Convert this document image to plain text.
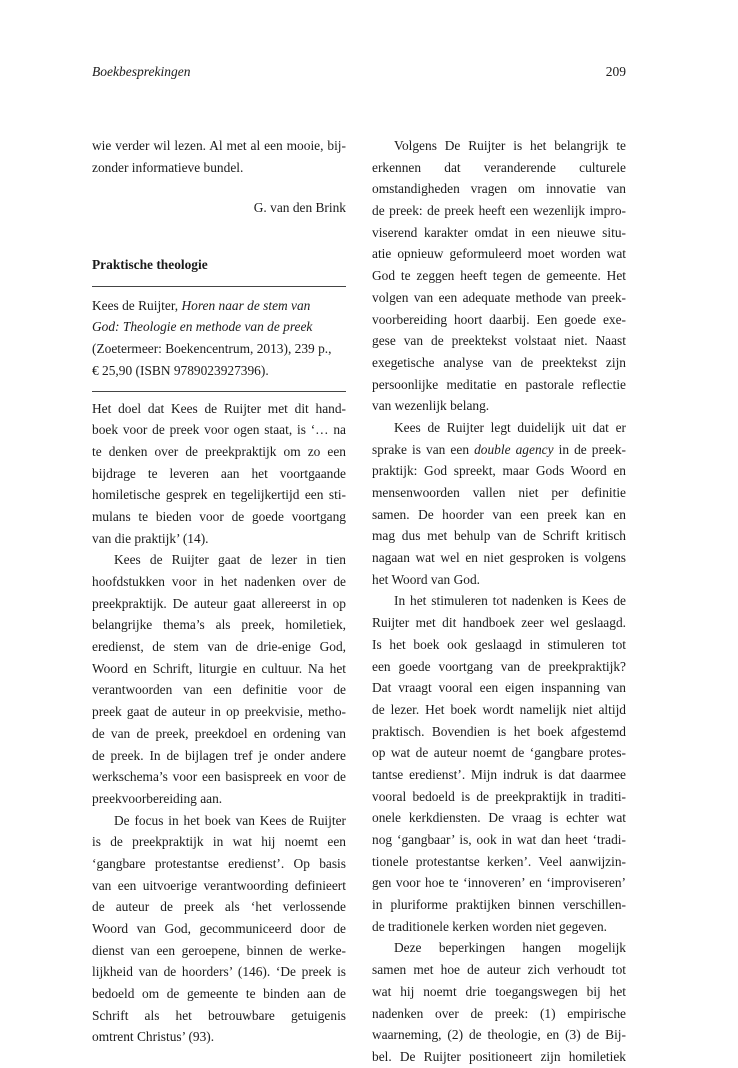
Boekbesprekingen	209
wie verder wil lezen. Al met al een mooie, bij-
zonder informatieve bundel.
G. van den Brink
Praktische theologie
Kees de Ruijter, Horen naar de stem van
God: Theologie en methode van de preek
(Zoetermeer: Boekencentrum, 2013), 239 p.,
€ 25,90 (ISBN 9789023927396).
Het doel dat Kees de Ruijter met dit hand-
boek voor de preek voor ogen staat, is ‘… na
te denken over de preekpraktijk om zo een
bijdrage te leveren aan het voortgaande
homiletische gesprek en tegelijkertijd een sti-
mulans te bieden voor de goede voortgang
van die praktijk’ (14).
Kees de Ruijter gaat de lezer in tien
hoofdstukken voor in het nadenken over de
preekpraktijk. De auteur gaat allereerst in op
belangrijke thema’s als preek, homiletiek,
eredienst, de stem van de drie-enige God,
Woord en Schrift, liturgie en cultuur. Na het
verantwoorden van een definitie voor de
preek gaat de auteur in op preekvisie, metho-
de van de preek, preekdoel en ordening van
de preek. In de bijlagen tref je onder andere
werkschema’s voor een basispreek en voor de
preekvoorbereiding aan.
De focus in het boek van Kees de Ruijter
is de preekpraktijk in wat hij noemt een
‘gangbare protestantse eredienst’. Op basis
van een uitvoerige verantwoording definieert
de auteur de preek als ‘het verlossende
Woord van God, gecommuniceerd door de
dienst van een geroepene, binnen de werke-
lijkheid van de hoorders’ (146). ‘De preek is
bedoeld om de gemeente te binden aan de
Schrift als het betrouwbare getuigenis
omtrent Christus’ (93).
Volgens De Ruijter is het belangrijk te
erkennen dat veranderende culturele
omstandigheden vragen om innovatie van
de preek: de preek heeft een wezenlijk impro-
viserend karakter omdat in een nieuwe situ-
atie opnieuw geformuleerd moet worden wat
God te zeggen heeft tegen de gemeente. Het
volgen van een adequate methode van preek-
voorbereiding hoort daarbij. Een goede exe-
gese van de preektekst volstaat niet. Naast
exegetische analyse van de preektekst zijn
persoonlijke meditatie en pastorale reflectie
van wezenlijk belang.
Kees de Ruijter legt duidelijk uit dat er
sprake is van een double agency in de preek-
praktijk: God spreekt, maar Gods Woord en
mensenwoorden vallen niet per definitie
samen. De hoorder van een preek kan en
mag dus met behulp van de Schrift kritisch
nagaan wat wel en niet gesproken is volgens
het Woord van God.
In het stimuleren tot nadenken is Kees de
Ruijter met dit handboek zeer wel geslaagd.
Is het boek ook geslaagd in stimuleren tot
een goede voortgang van de preekpraktijk?
Dat vraagt vooral een eigen inspanning van
de lezer. Het boek wordt namelijk niet altijd
praktisch. Bovendien is het boek afgestemd
op wat de auteur noemt de ‘gangbare protes-
tantse eredienst’. Mijn indruk is dat daarmee
vooral bedoeld is de preekpraktijk in traditi-
onele kerkdiensten. De vraag is echter wat
nog ‘gangbaar’ is, ook in wat dan heet ‘tradi-
tionele protestantse kerken’. Veel aanwijzin-
gen voor hoe te ‘innoveren’ en ‘improviseren’
in pluriforme praktijken binnen verschillen-
de traditionele kerken worden niet gegeven.
Deze beperkingen hangen mogelijk
samen met hoe de auteur zich verhoudt tot
wat hij noemt drie toegangswegen bij het
nadenken over de preek: (1) empirische
waarneming, (2) de theologie, en (3) de Bij-
bel. De Ruijter positioneert zijn homiletiek
